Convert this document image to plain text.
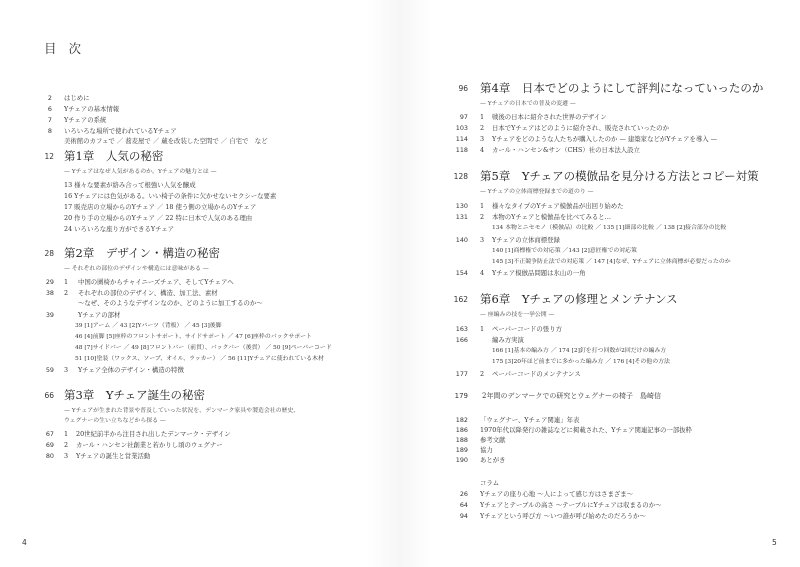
目 次
2 はじめに
6 Yチェアの基本情報
7 Yチェアの系統
8 いろいろな場所で使われているYチェア
美術館のカフェで ／ 蕎麦屋で ／ 蔵を改装した空間で ／ 自宅で　など
12 第1章　人気の秘密
— Yチェアはなぜ人気があるのか。Yチェアの魅力とは —
13 様々な要素が絡み合って根強い人気を醸成
16 Yチェアには色気がある。いい椅子の条件に欠かせないセクシーな要素
17 販売店の立場からのYチェア ／ 18 使う側の立場からのYチェア
20 作り手の立場からのYチェア ／ 22 特に日本で人気のある理由
24 いろいろな座り方ができるYチェア
28 第2章　デザイン・構造の秘密
— それぞれの部位のデザインや構造には意味がある —
29 1 中国の圏椅からチャイニーズチェア、そしてYチェアへ
38 2 それぞれの部位のデザイン、構造、加工法、素材
〜なぜ、そのようなデザインなのか、どのように加工するのか〜
39	Yチェアの部材
39 [1]アーム ／ 43 [2]Yパーツ（背板） ／ 45 [3]後脚
46 [4]前脚 [5]座枠のフロントサポート、サイドサポート ／ 47 [6]座枠のバックサポート
48 [7]サイドバー ／ 49 [8]フロントバー（前貫）、バックバー（後貫） ／ 50 [9]ペーパーコード
51 [10]塗装（ワックス、ソープ、オイル、ラッカー） ／ 56 [11]Yチェアに使われている木材
59 3 Yチェア全体のデザイン・構造の特徴
66 第3章　Yチェア誕生の秘密
— Yチェアが生まれた背景や普及していった状況を、デンマーク家具や製造会社の歴史、
ウェグナーの生い立ちなどから探る —
67 1 20世紀前半から注目され出したデンマーク・デザイン
69 2 カール・ハンセン社創業と若かりし頃のウェグナー
80 3 Yチェアの誕生と営業活動
4
96 第4章　日本でどのようにして評判になっていったのか
— Yチェアの日本での普及の変遷 —
97 1 戦後の日本に紹介された世界のデザイン
103 2 日本でYチェアはどのように紹介され、販売されていったのか
114 3 Yチェアをどのような人たちが購入したのか — 建築家などがYチェアを導入 —
118 4 カール・ハンセン&サン（CHS）社の日本法人設立
128 第5章　Yチェアの模倣品を見分ける方法とコピー対策
— Yチェアの立体商標登録までの道のり —
130 1 様々なタイプのYチェア模倣品が出回り始めた
131 2 本物のYチェアと模倣品を比べてみると…
134 本物とニセモノ（模倣品）の比較 ／ 135 [1]細部の比較 ／ 138 [2]接合部分の比較
140 3 Yチェアの立体商標登録
140 [1]商標権での対応策 ／143 [2]意匠権での対応策
145 [3]不正競争防止法での対応策 ／ 147 [4]なぜ、Yチェアに立体商標が必要だったのか
154 4 Yチェア模倣品問題は氷山の一角
162 第6章　Yチェアの修理とメンテナンス
— 座編みの技を一挙公開 —
163 1 ペーパーコードの張り方
166	編み方実演
166 [1]基本の編み方 ／ 174 [2]釘を打つ回数が2回だけの編み方
175 [3]20年ほど前までに多かった編み方 ／ 176 [4]その他の方法
177 2 ペーパーコードのメンテナンス
179 2年間のデンマークでの研究とウェグナーの椅子　島崎信
182 「ウェグナー、Yチェア関連」年表
186 1970年代以降発行の雑誌などに掲載された、Yチェア関連記事の一部抜粋
188 参考文献
189 協力
190 あとがき
コラム
26 Yチェアの座り心地 〜人によって感じ方はさまざま〜
64 Yチェアとテーブルの高さ 〜テーブルにYチェアは収まるのか〜
94 Yチェアという呼び方 〜いつ誰が呼び始めたのだろうか〜
5
